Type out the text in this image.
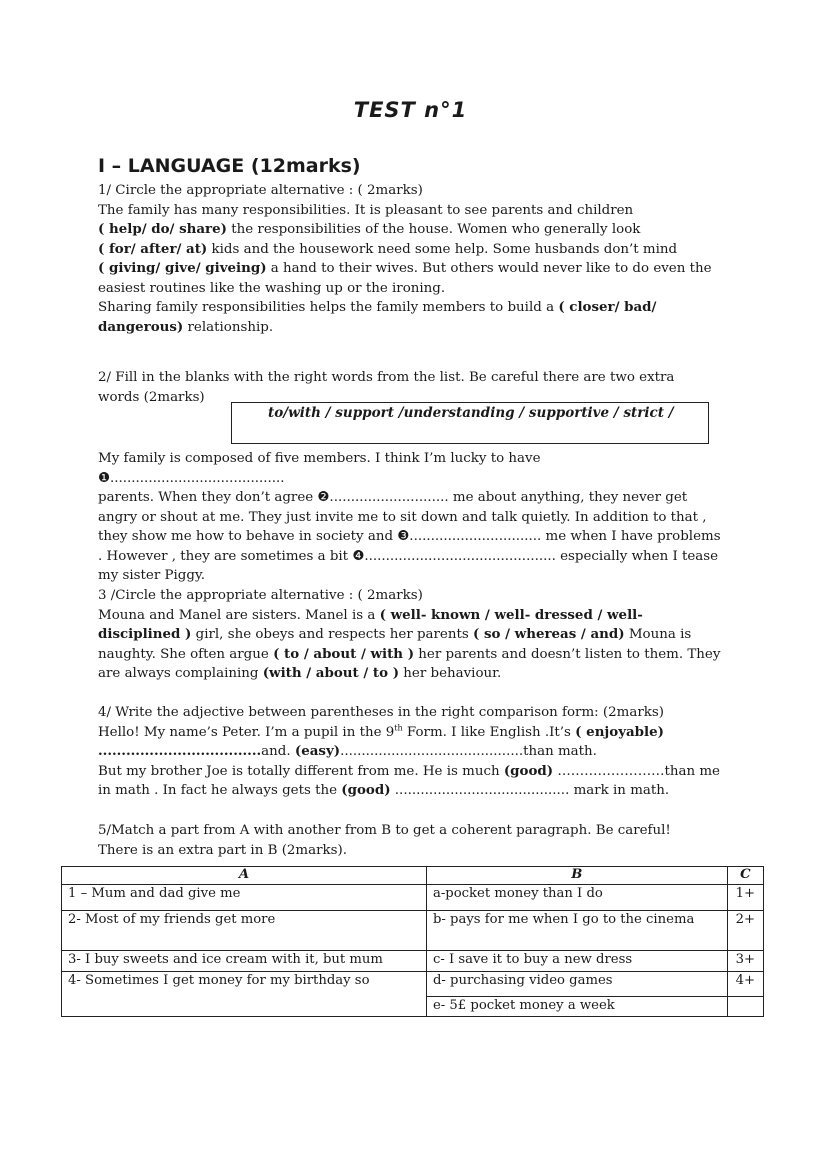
TEST n°1
I – LANGUAGE (12marks)

1/ Circle the appropriate alternative : ( 2marks)

The family has many responsibilities. It is pleasant to see parents and children
( help/ do/ share) the responsibilities of the house. Women who generally look
( for/ after/ at) kids and the housework need some help. Some husbands don’t mind
( giving/ give/ giveing) a hand to their wives. But others would never like to do even the easiest routines like the washing up or the ironing.

Sharing family responsibilities helps the family members to build a ( closer/ bad/ dangerous) relationship.

2/ Fill in the blanks with the right words from the list. Be careful there are two extra words (2marks)

to/with / support /understanding / supportive / strict /

My family is composed of five members. I think I’m lucky to have ❶.........................................

parents. When they don’t agree ❷............................ me about anything, they never get angry or shout at me. They just invite me to sit down and talk quietly. In addition to that , they show me how to behave in society and ❸............................... me when I have problems . However , they are sometimes a bit ❹............................................. especially when I tease my sister Piggy.

3 /Circle the appropriate alternative : ( 2marks)

Mouna and Manel are sisters. Manel is a ( well- known / well- dressed / well-disciplined ) girl, she obeys and respects her parents ( so / whereas / and) Mouna is naughty. She often argue ( to / about / with ) her parents and doesn’t listen to them. They are always complaining (with / about / to ) her behaviour.

4/ Write the adjective between parentheses in the right comparison form: (2marks)

Hello! My name’s Peter. I’m a pupil in the 9th Form. I like English .It’s ( enjoyable)
...................................and. (easy)...........................................than math.
But my brother Joe is totally different from me. He is much (good) ……………………than me in math . In fact he always gets the (good) ......................................... mark in math.

5/Match a part from A with another from B to get a coherent paragraph. Be careful! There is an extra part in B (2marks).

A	B	C
1 – Mum and dad give me	a-pocket money than I do	1+
2- Most of my friends get more	b- pays for me when I go to the cinema	2+
3- I buy sweets and ice cream with it, but mum	c- I save it to buy a new dress	3+
4- Sometimes I get money for my birthday so	d- purchasing video games	4+
	e- 5£ pocket money a week	
